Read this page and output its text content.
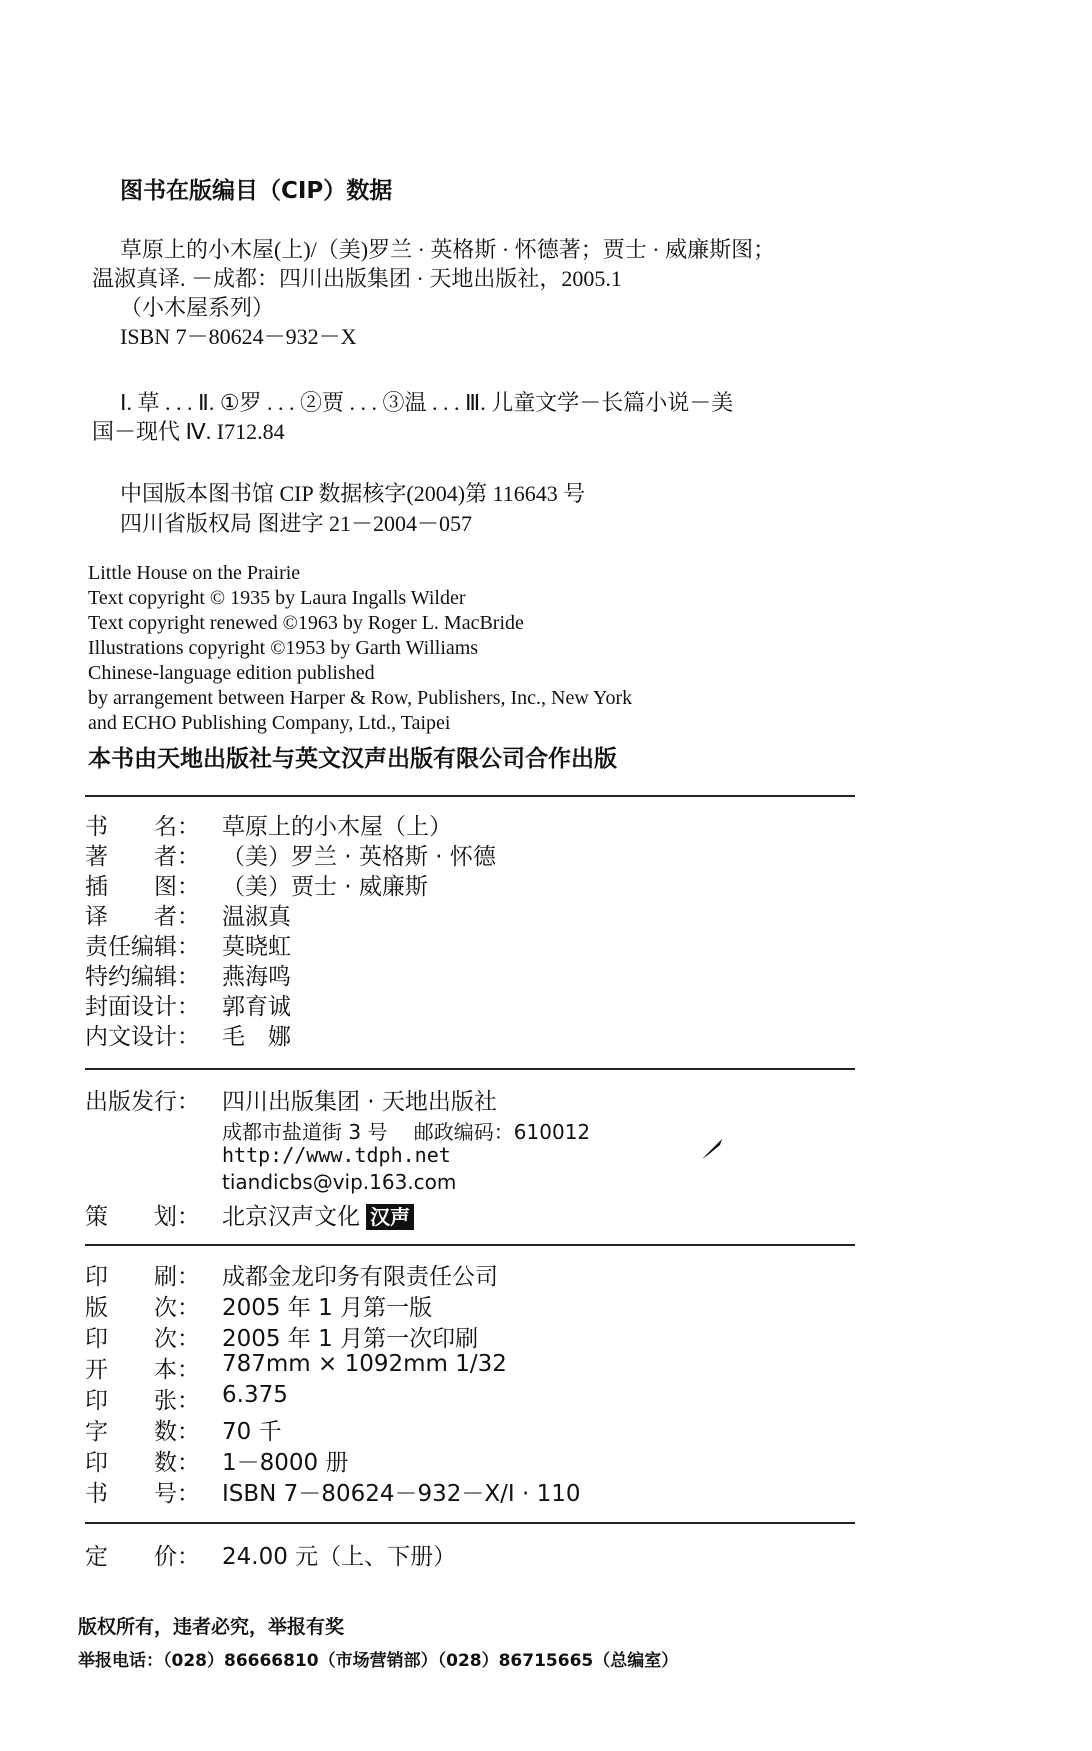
图书在版编目（CIP）数据
草原上的小木屋(上)/（美)罗兰 · 英格斯 · 怀德著；贾士 · 威廉斯图；
温淑真译. －成都：四川出版集团 · 天地出版社，2005.1
（小木屋系列）
ISBN 7－80624－932－X
Ⅰ. 草 . . . Ⅱ. ①罗 . . . ②贾 . . . ③温 . . . Ⅲ. 儿童文学－长篇小说－美
国－现代 Ⅳ. I712.84
中国版本图书馆 CIP 数据核字(2004)第 116643 号
四川省版权局 图进字 21－2004－057
Little House on the Prairie
Text copyright © 1935 by Laura Ingalls Wilder
Text copyright renewed ©1963 by Roger L. MacBride
Illustrations copyright ©1953 by Garth Williams
Chinese-language edition published
by arrangement between Harper & Row, Publishers, Inc., New York
and ECHO Publishing Company, Ltd., Taipei
本书由天地出版社与英文汉声出版有限公司合作出版
书　　名： 草原上的小木屋（上）
著　　者： （美）罗兰 · 英格斯 · 怀德
插　　图： （美）贾士 · 威廉斯
译　　者： 温淑真
责任编辑： 莫晓虹
特约编辑： 燕海鸣
封面设计： 郭育诚
内文设计： 毛　娜
出版发行： 四川出版集团 · 天地出版社
成都市盐道街 3 号　 邮政编码：610012
http://www.tdph.net
tiandicbs@vip.163.com
策　　划： 北京汉声文化 汉声
印　　刷： 成都金龙印务有限责任公司
版　　次： 2005 年 1 月第一版
印　　次： 2005 年 1 月第一次印刷
开　　本： 787mm × 1092mm 1/32
印　　张： 6.375
字　　数： 70 千
印　　数： 1－8000 册
书　　号： ISBN 7－80624－932－X/I · 110
定　　价： 24.00 元（上、下册）
版权所有，违者必究，举报有奖
举报电话：（028）86666810（市场营销部）（028）86715665（总编室）
